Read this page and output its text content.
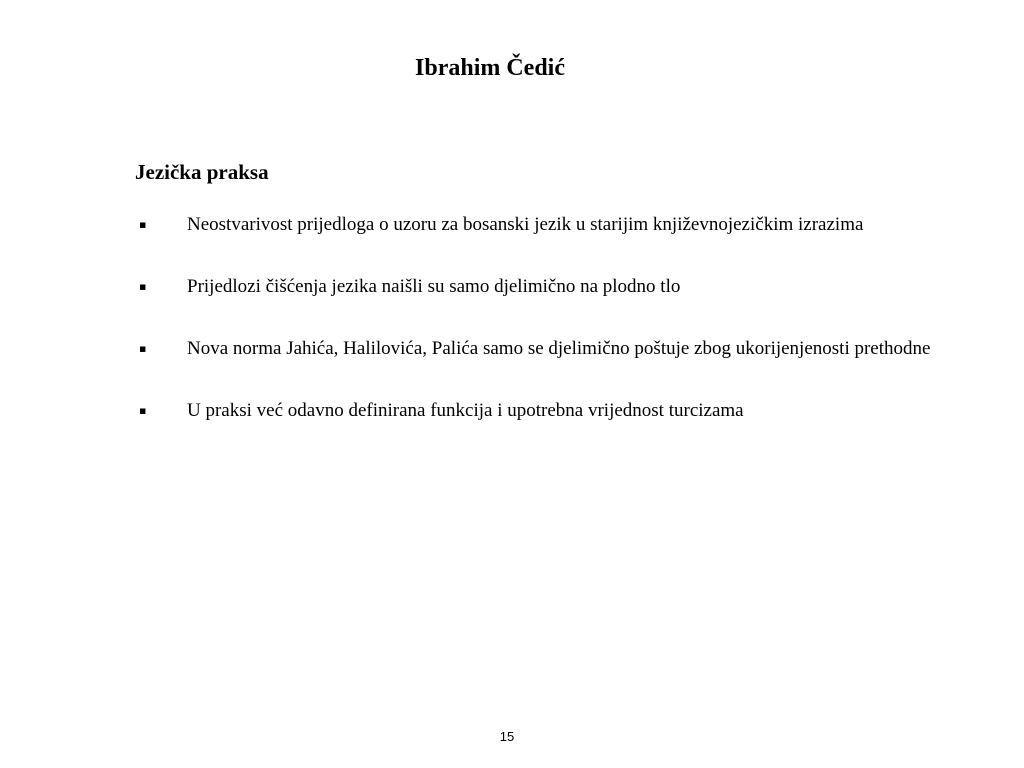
Ibrahim Čedić
Jezička praksa
▪ Neostvarivost prijedloga o uzoru za bosanski jezik u starijim književnojezičkim izrazima
▪ Prijedlozi čišćenja jezika naišli su samo djelimično na plodno tlo
▪ Nova norma Jahića, Halilovića, Palića samo se djelimično poštuje zbog ukorijenjenosti prethodne
▪ U praksi već odavno definirana funkcija i upotrebna vrijednost turcizama
15
